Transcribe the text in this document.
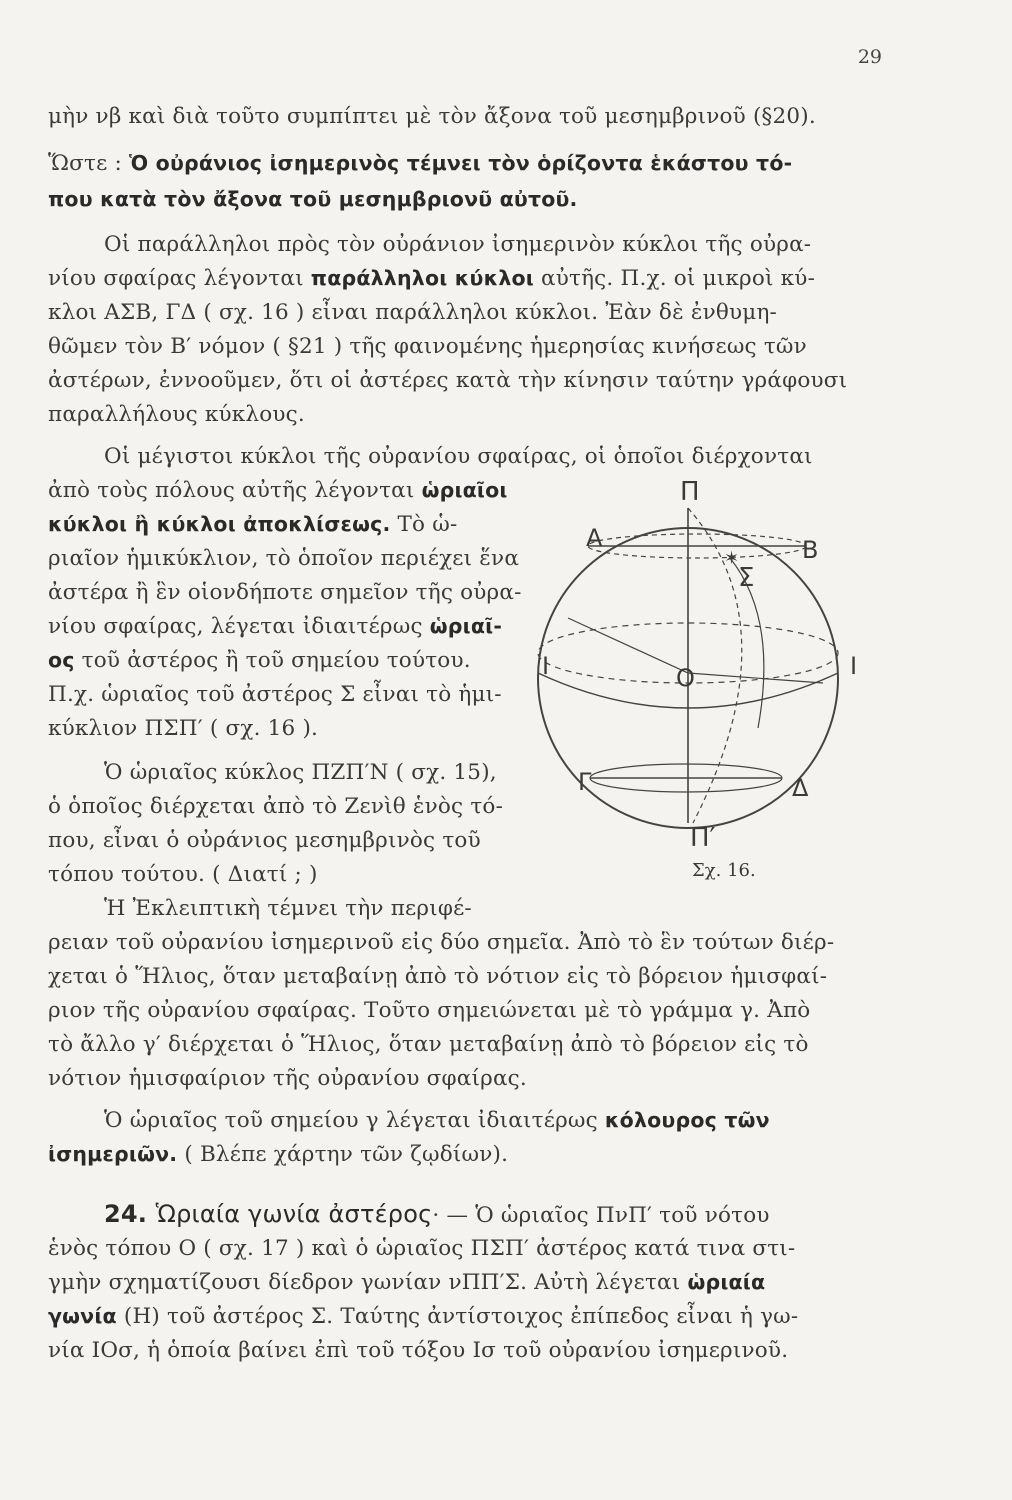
29
μὴν νβ καὶ διὰ τοῦτο συμπίπτει μὲ τὸν ἄξονα τοῦ μεσημβρινοῦ (§20).
Ὥστε : Ὁ οὐράνιος ἰσημερινὸς τέμνει τὸν ὁρίζοντα ἑκάστου τό-
που κατὰ τὸν ἄξονα τοῦ μεσημβριονῦ αὐτοῦ.
Οἱ παράλληλοι πρὸς τὸν οὐράνιον ἰσημερινὸν κύκλοι τῆς οὐρα-
νίου σφαίρας λέγονται παράλληλοι κύκλοι αὐτῆς. Π.χ. οἱ μικροὶ κύ-
κλοι ΑΣΒ, ΓΔ ( σχ. 16 ) εἶναι παράλληλοι κύκλοι. Ἐὰν δὲ ἐνθυμη-
θῶμεν τὸν Β′ νόμον ( §21 ) τῆς φαινομένης ἡμερησίας κινήσεως τῶν
ἀστέρων, ἐννοοῦμεν, ὅτι οἱ ἀστέρες κατὰ τὴν κίνησιν ταύτην γράφουσι
παραλλήλους κύκλους.
Οἱ μέγιστοι κύκλοι τῆς οὐρανίου σφαίρας, οἱ ὁποῖοι διέρχονται
ἀπὸ τοὺς πόλους αὐτῆς λέγονται ὡριαῖοι
κύκλοι ἢ κύκλοι ἀποκλίσεως. Τὸ ὡ-
ριαῖον ἡμικύκλιον, τὸ ὁποῖον περιέχει ἕνα
ἀστέρα ἢ ἓν οἱονδήποτε σημεῖον τῆς οὐρα-
νίου σφαίρας, λέγεται ἰδιαιτέρως ὡριαῖ-
ος τοῦ ἀστέρος ἢ τοῦ σημείου τούτου.
Π.χ. ὡριαῖος τοῦ ἀστέρος Σ εἶναι τὸ ἡμι-
κύκλιον ΠΣΠ′ ( σχ. 16 ).
Ὁ ὡριαῖος κύκλος ΠΖΠ′Ν ( σχ. 15),
ὁ ὁποῖος διέρχεται ἀπὸ τὸ Ζενὶθ ἑνὸς τό-
που, εἶναι ὁ οὐράνιος μεσημβρινὸς τοῦ
τόπου τούτου. ( Διατί ; )
Ἡ Ἐκλειπτικὴ τέμνει τὴν περιφέ-
ρειαν τοῦ οὐρανίου ἰσημερινοῦ εἰς δύο σημεῖα. Ἀπὸ τὸ ἓν τούτων διέρ-
χεται ὁ Ἥλιος, ὅταν μεταβαίνῃ ἀπὸ τὸ νότιον εἰς τὸ βόρειον ἡμισφαί-
ριον τῆς οὐρανίου σφαίρας. Τοῦτο σημειώνεται μὲ τὸ γράμμα γ. Ἀπὸ
τὸ ἄλλο γ′ διέρχεται ὁ Ἥλιος, ὅταν μεταβαίνῃ ἀπὸ τὸ βόρειον εἰς τὸ
νότιον ἡμισφαίριον τῆς οὐρανίου σφαίρας.
Ὁ ὡριαῖος τοῦ σημείου γ λέγεται ἰδιαιτέρως κόλουρος τῶν
ἰσημεριῶν. ( Βλέπε χάρτην τῶν ζῳδίων).
24. Ὡριαία γωνία ἀστέρος· — Ὁ ὡριαῖος ΠνΠ′ τοῦ νότου
ἑνὸς τόπου Ο ( σχ. 17 ) καὶ ὁ ὡριαῖος ΠΣΠ′ ἀστέρος κατά τινα στι-
γμὴν σχηματίζουσι δίεδρον γωνίαν νΠΠ′Σ. Αὐτὴ λέγεται ὡριαία
γωνία (Η) τοῦ ἀστέρος Σ. Ταύτης ἀντίστοιχος ἐπίπεδος εἶναι ἡ γω-
νία ΙΟσ, ἡ ὁποία βαίνει ἐπὶ τοῦ τόξου Ισ τοῦ οὐρανίου ἰσημερινοῦ.
✶
Π
Α	Β
Σ
Ο
Ι	Ι
Γ	Δ
Π′
Σχ. 16.
